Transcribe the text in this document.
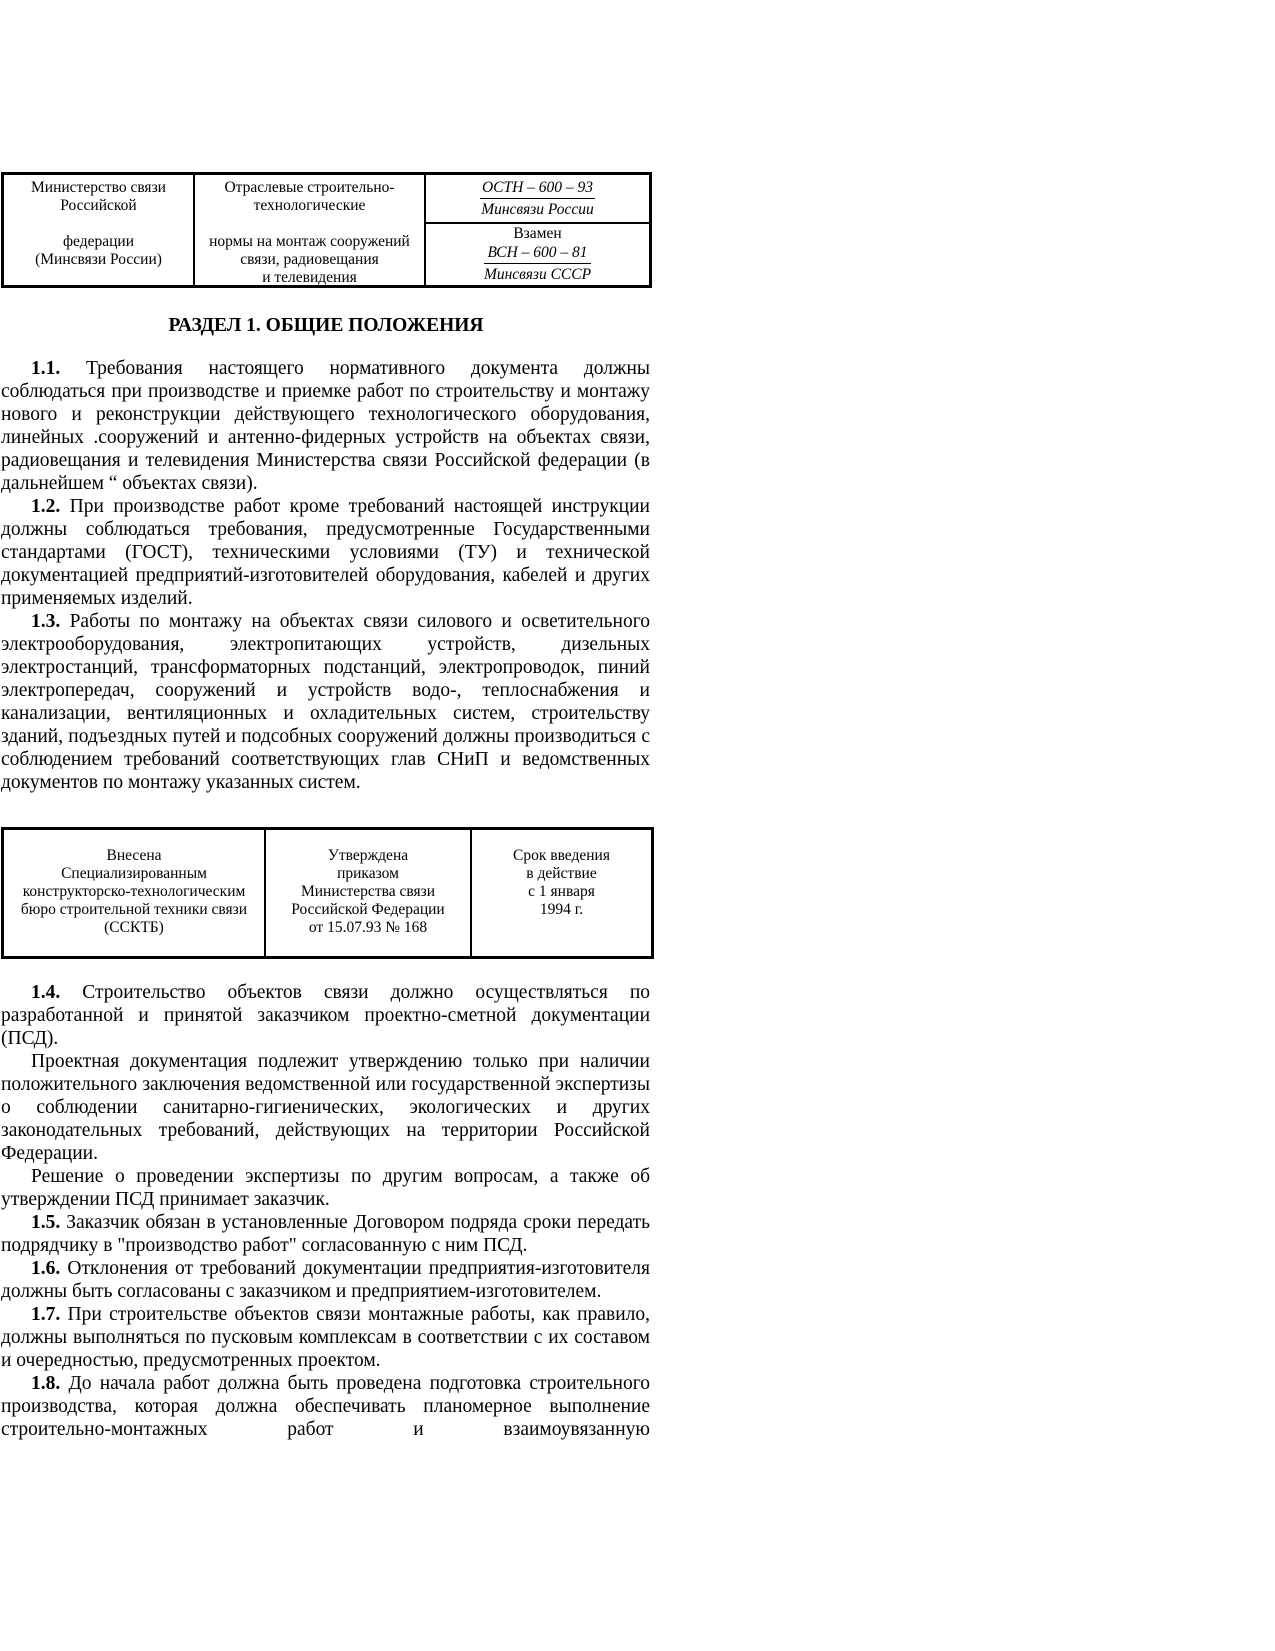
Министерство связи
Российской
федерации
(Минсвязи России)
Отраслевые строительно-
технологические
нормы на монтаж сооружений
связи, радиовещания
и телевидения
$\frac{\text{ОСТН – 600 – 93}}{\text{Минсвязи России}}$
Взамен
ВСН – 600 – 81
Минсвязи СССР
РАЗДЕЛ 1. ОБЩИЕ ПОЛОЖЕНИЯ

1.1. Требования настоящего нормативного документа должны соблюдаться при производстве и приемке работ по строительству и монтажу нового и реконструкции действующего технологического оборудования, линейных .сооружений и антенно-фидерных устройств на объектах связи, радиовещания и телевидения Министерства связи Российской федерации (в дальнейшем “ объектах связи).

1.2. При производстве работ кроме требований настоящей инструкции должны соблюдаться требования, предусмотренные Государственными стандартами (ГОСТ), техническими условиями (ТУ) и технической документацией предприятий-изготовителей оборудования, кабелей и других применяемых изделий.

1.3. Работы по монтажу на объектах связи силового и осветительного электрооборудования, электропитающих устройств, дизельных электростанций, трансформаторных подстанций, электропроводок, пиний электропередач, сооружений и устройств водо-, теплоснабжения и канализации, вентиляционных и охладительных систем, строительству зданий, подъездных путей и подсобных сооружений должны производиться с соблюдением требований соответствующих глав СНиП и ведомственных документов по монтажу указанных систем.

Внесена
Специализированным
конструкторско-технологическим
бюро строительной техники связи
(ССКТБ)
Утверждена
приказом
Министерства связи
Российской Федерации
от 15.07.93 № 168
Срок введения
в действие
с 1 января
1994 г.

1.4. Строительство объектов связи должно осуществляться по разработанной и принятой заказчиком проектно-сметной документации (ПСД).

Проектная документация подлежит утверждению только при наличии положительного заключения ведомственной или государственной экспертизы о соблюдении санитарно-гигиенических, экологических и других законодательных требований, действующих на территории Российской Федерации.

Решение о проведении экспертизы по другим вопросам, а также об утверждении ПСД принимает заказчик.

1.5. Заказчик обязан в установленные Договором подряда сроки передать подрядчику в "производство работ" согласованную с ним ПСД.

1.6. Отклонения от требований документации предприятия-изготовителя должны быть согласованы с заказчиком и предприятием-изготовителем.

1.7. При строительстве объектов связи монтажные работы, как правило, должны выполняться по пусковым комплексам в соответствии с их составом и очередностью, предусмотренных проектом.

1.8. До начала работ должна быть проведена подготовка строительного производства, которая должна обеспечивать планомерное выполнение строительно-монтажных работ и взаимоувязанную
